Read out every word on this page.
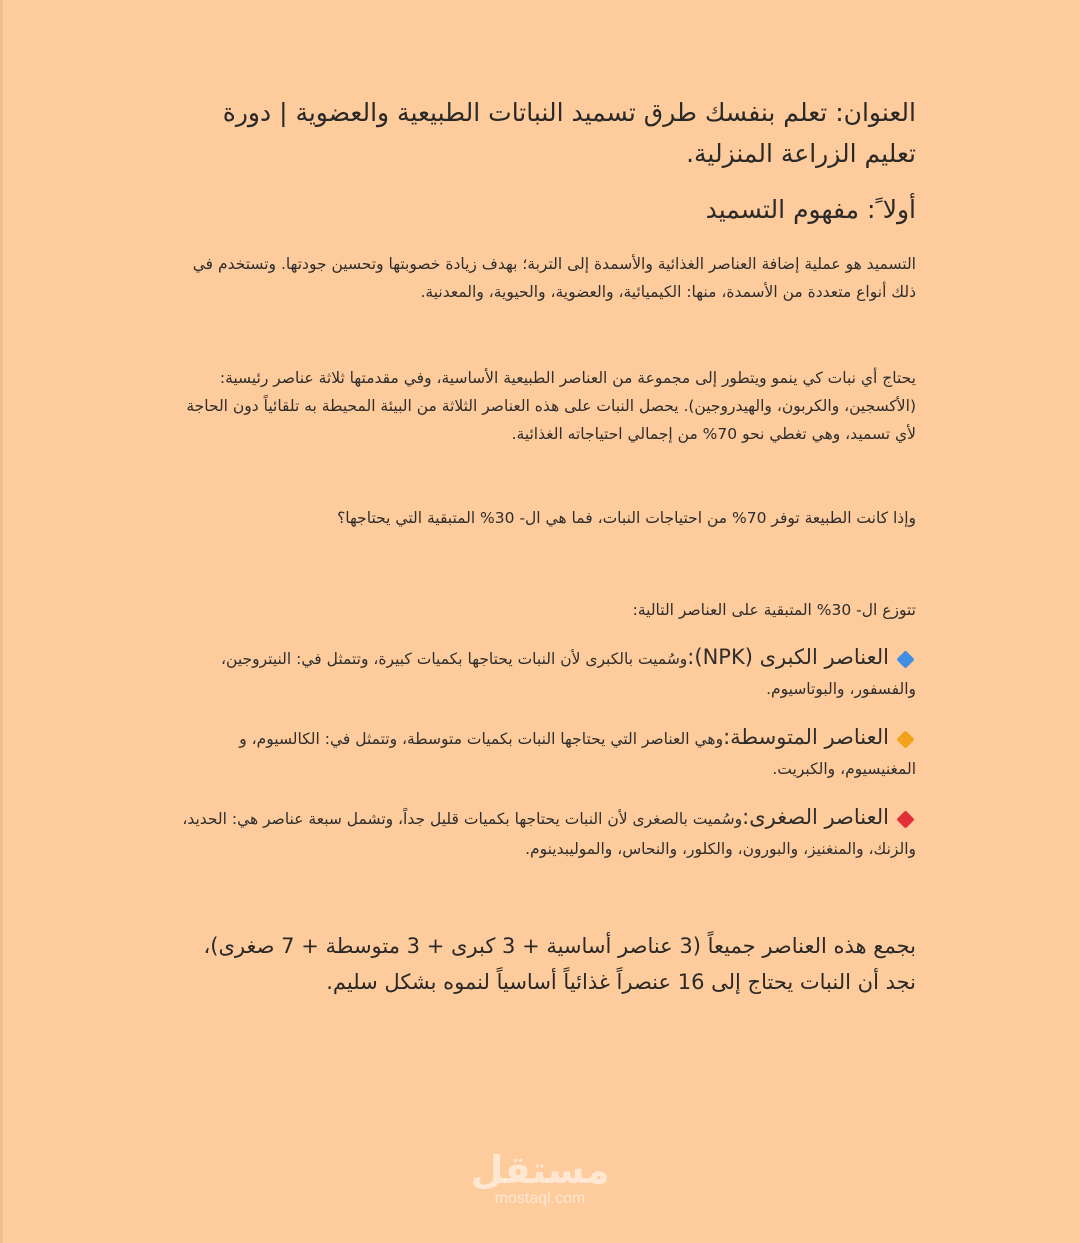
العنوان: تعلم بنفسك طرق تسميد النباتات الطبيعية والعضوية | دورة تعليم الزراعة المنزلية.
أولا ً: مفهوم التسميد

التسميد هو عملية إضافة العناصر الغذائية والأسمدة إلى التربة؛ بهدف زيادة خصوبتها وتحسين جودتها. وتستخدم في ذلك أنواع متعددة من الأسمدة، منها: الكيميائية، والعضوية، والحيوية، والمعدنية.

يحتاج أي نبات كي ينمو ويتطور إلى مجموعة من العناصر الطبيعية الأساسية، وفي مقدمتها ثلاثة عناصر رئيسية: (الأكسجين، والكربون، والهيدروجين). يحصل النبات على هذه العناصر الثلاثة من البيئة المحيطة به تلقائياً دون الحاجة لأي تسميد، وهي تغطي نحو 70% من إجمالي احتياجاته الغذائية.

وإذا كانت الطبيعة توفر 70% من احتياجات النبات، فما هي ال- 30% المتبقية التي يحتاجها؟

تتوزع ال- 30% المتبقية على العناصر التالية:

العناصر الكبرى (NPK):وسُميت بالكبرى لأن النبات يحتاجها بكميات كبيرة، وتتمثل في: النيتروجين، والفسفور، والبوتاسيوم.
العناصر المتوسطة:وهي العناصر التي يحتاجها النبات بكميات متوسطة، وتتمثل في: الكالسيوم، و المغنيسيوم، والكبريت.
العناصر الصغرى:وسُميت بالصغرى لأن النبات يحتاجها بكميات قليل جداً، وتشمل سبعة عناصر هي: الحديد، والزنك، والمنغنيز، والبورون، والكلور، والنحاس، والموليبدينوم.

بجمع هذه العناصر جميعاً (3 عناصر أساسية + 3 كبرى + 3 متوسطة + 7 صغرى)، نجد أن النبات يحتاج إلى 16 عنصراً غذائياً أساسياً لنموه بشكل سليم.

مستقل
mostaql.com
